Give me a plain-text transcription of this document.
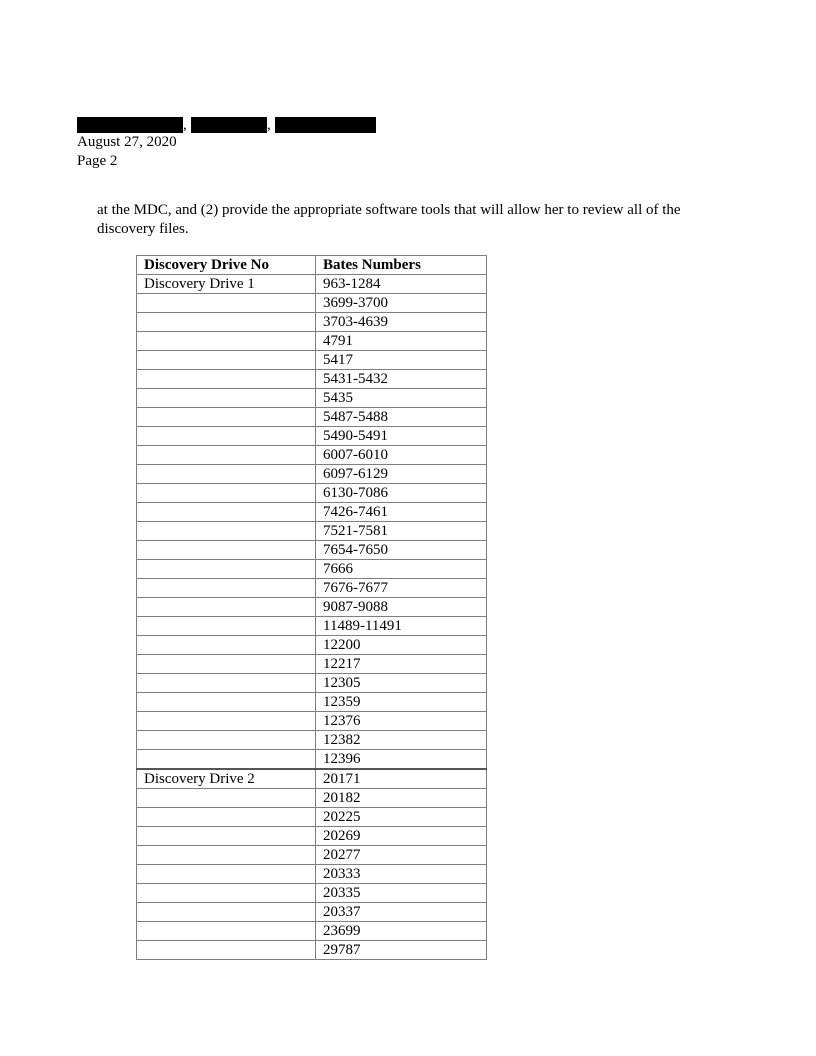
,	,
August 27, 2020
Page 2
at the MDC, and (2) provide the appropriate software tools that will allow her to review all of the discovery files.
Discovery Drive No	Bates Numbers
Discovery Drive 1	963-1284
	3699-3700
	3703-4639
	4791
	5417
	5431-5432
	5435
	5487-5488
	5490-5491
	6007-6010
	6097-6129
	6130-7086
	7426-7461
	7521-7581
	7654-7650
	7666
	7676-7677
	9087-9088
	11489-11491
	12200
	12217
	12305
	12359
	12376
	12382
	12396
Discovery Drive 2	20171
	20182
	20225
	20269
	20277
	20333
	20335
	20337
	23699
	29787
